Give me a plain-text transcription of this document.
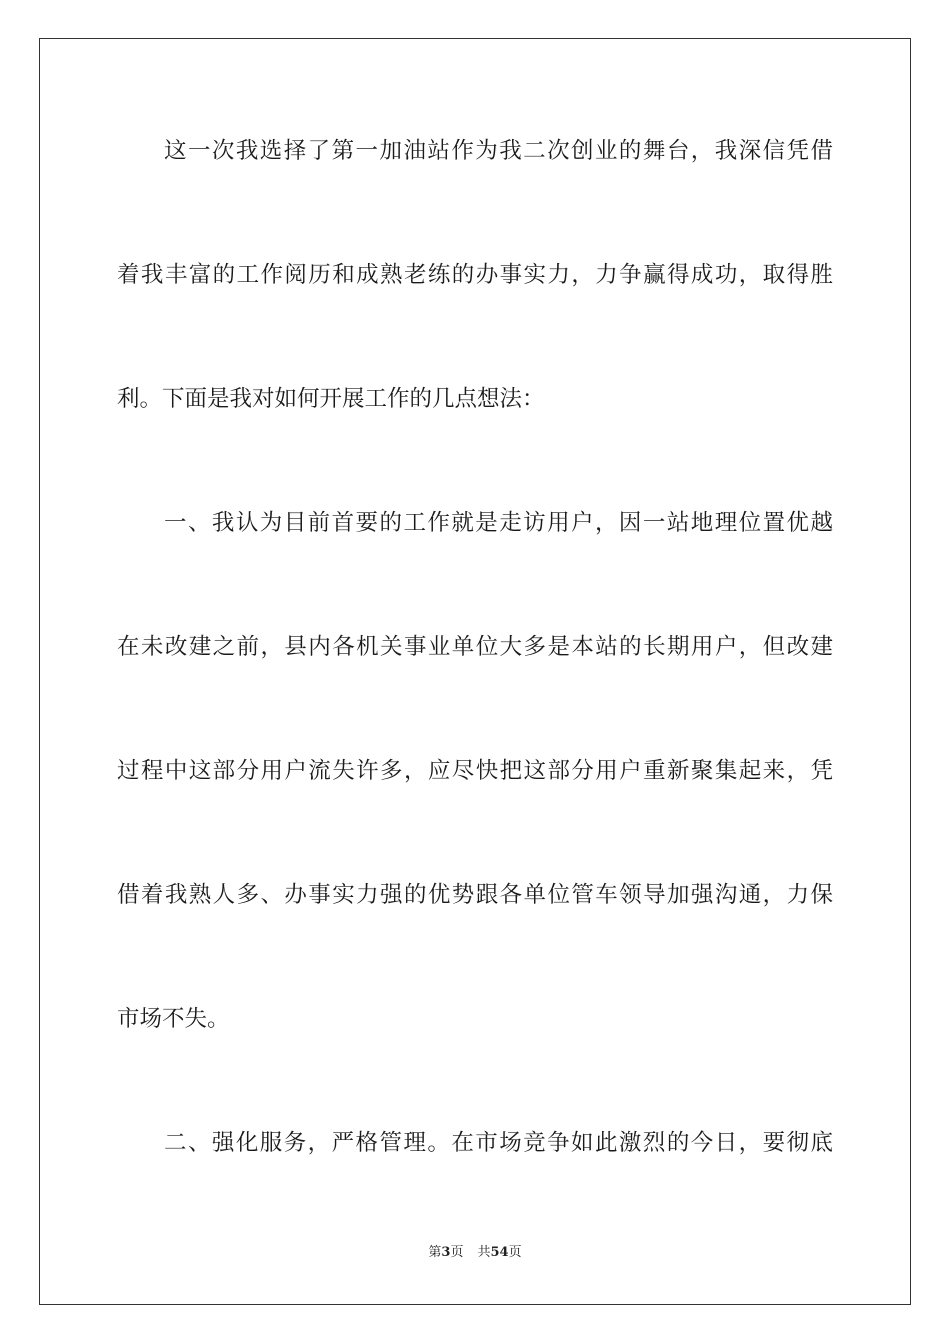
这一次我选择了第一加油站作为我二次创业的舞台，我深信凭借
着我丰富的工作阅历和成熟老练的办事实力，力争赢得成功，取得胜
利。下面是我对如何开展工作的几点想法：
一、我认为目前首要的工作就是走访用户，因一站地理位置优越
在未改建之前，县内各机关事业单位大多是本站的长期用户，但改建
过程中这部分用户流失许多，应尽快把这部分用户重新聚集起来，凭
借着我熟人多、办事实力强的优势跟各单位管车领导加强沟通，力保
市场不失。
二、强化服务，严格管理。在市场竞争如此激烈的今日，要彻底
第3页 共54页
